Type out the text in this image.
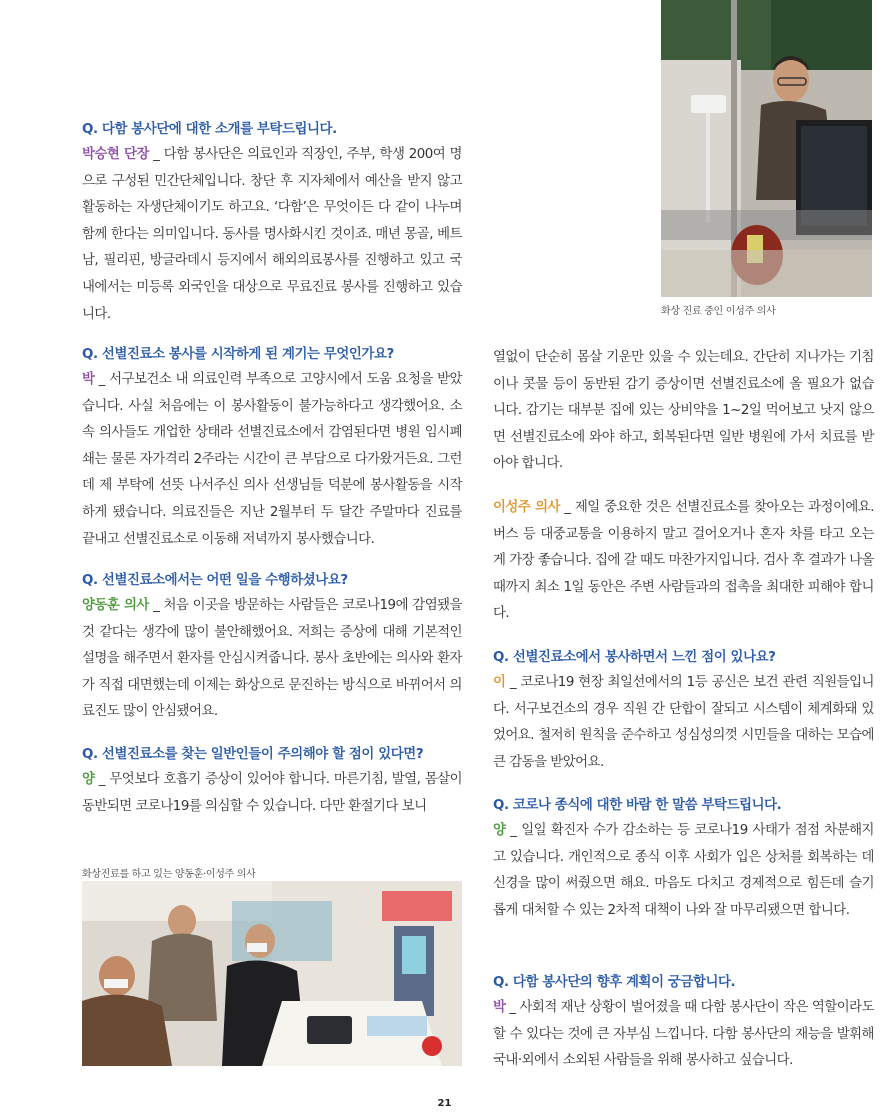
화상 진료 중인 이성주 의사
Q. 다함 봉사단에 대한 소개를 부탁드립니다.

박승현 단장 _ 다함 봉사단은 의료인과 직장인, 주부, 학생 200여 명으로 구성된 민간단체입니다. 창단 후 지자체에서 예산을 받지 않고 활동하는 자생단체이기도 하고요. ‘다함’은 무엇이든 다 같이 나누며 함께 한다는 의미입니다. 동사를 명사화시킨 것이죠. 매년 몽골, 베트남, 필리핀, 방글라데시 등지에서 해외의료봉사를 진행하고 있고 국내에서는 미등록 외국인을 대상으로 무료진료 봉사를 진행하고 있습니다.

Q. 선별진료소 봉사를 시작하게 된 계기는 무엇인가요?

박 _ 서구보건소 내 의료인력 부족으로 고양시에서 도움 요청을 받았습니다. 사실 처음에는 이 봉사활동이 불가능하다고 생각했어요. 소속 의사들도 개업한 상태라 선별진료소에서 감염된다면 병원 임시폐쇄는 물론 자가격리 2주라는 시간이 큰 부담으로 다가왔거든요. 그런데 제 부탁에 선뜻 나서주신 의사 선생님들 덕분에 봉사활동을 시작하게 됐습니다. 의료진들은 지난 2월부터 두 달간 주말마다 진료를 끝내고 선별진료소로 이동해 저녁까지 봉사했습니다.

Q. 선별진료소에서는 어떤 일을 수행하셨나요?

양동훈 의사 _ 처음 이곳을 방문하는 사람들은 코로나19에 감염됐을 것 같다는 생각에 많이 불안해했어요. 저희는 증상에 대해 기본적인 설명을 해주면서 환자를 안심시켜줍니다. 봉사 초반에는 의사와 환자가 직접 대면했는데 이제는 화상으로 문진하는 방식으로 바뀌어서 의료진도 많이 안심됐어요.

Q. 선별진료소를 찾는 일반인들이 주의해야 할 점이 있다면?

양 _ 무엇보다 호흡기 증상이 있어야 합니다. 마른기침, 발열, 몸살이 동반되면 코로나19를 의심할 수 있습니다. 다만 환절기다 보니

화상진료를 하고 있는 양동훈·이성주 의사

열없이 단순히 몸살 기운만 있을 수 있는데요. 간단히 지나가는 기침이나 콧물 등이 동반된 감기 증상이면 선별진료소에 올 필요가 없습니다. 감기는 대부분 집에 있는 상비약을 1~2일 먹어보고 낫지 않으면 선별진료소에 와야 하고, 회복된다면 일반 병원에 가서 치료를 받아야 합니다.

이성주 의사 _ 제일 중요한 것은 선별진료소를 찾아오는 과정이에요. 버스 등 대중교통을 이용하지 말고 걸어오거나 혼자 차를 타고 오는 게 가장 좋습니다. 집에 갈 때도 마찬가지입니다. 검사 후 결과가 나올 때까지 최소 1일 동안은 주변 사람들과의 접촉을 최대한 피해야 합니다.

Q. 선별진료소에서 봉사하면서 느낀 점이 있나요?

이 _ 코로나19 현장 최일선에서의 1등 공신은 보건 관련 직원들입니다. 서구보건소의 경우 직원 간 단합이 잘되고 시스템이 체계화돼 있었어요. 철저히 원칙을 준수하고 성심성의껏 시민들을 대하는 모습에 큰 감동을 받았어요.

Q. 코로나 종식에 대한 바람 한 말씀 부탁드립니다.

양 _ 일일 확진자 수가 감소하는 등 코로나19 사태가 점점 차분해지고 있습니다. 개인적으로 종식 이후 사회가 입은 상처를 회복하는 데 신경을 많이 써줬으면 해요. 마음도 다치고 경제적으로 힘든데 슬기롭게 대처할 수 있는 2차적 대책이 나와 잘 마무리됐으면 합니다.

Q. 다함 봉사단의 향후 계획이 궁금합니다.

박 _ 사회적 재난 상황이 벌어졌을 때 다함 봉사단이 작은 역할이라도 할 수 있다는 것에 큰 자부심 느낍니다. 다함 봉사단의 재능을 발휘해 국내·외에서 소외된 사람들을 위해 봉사하고 싶습니다.

21
